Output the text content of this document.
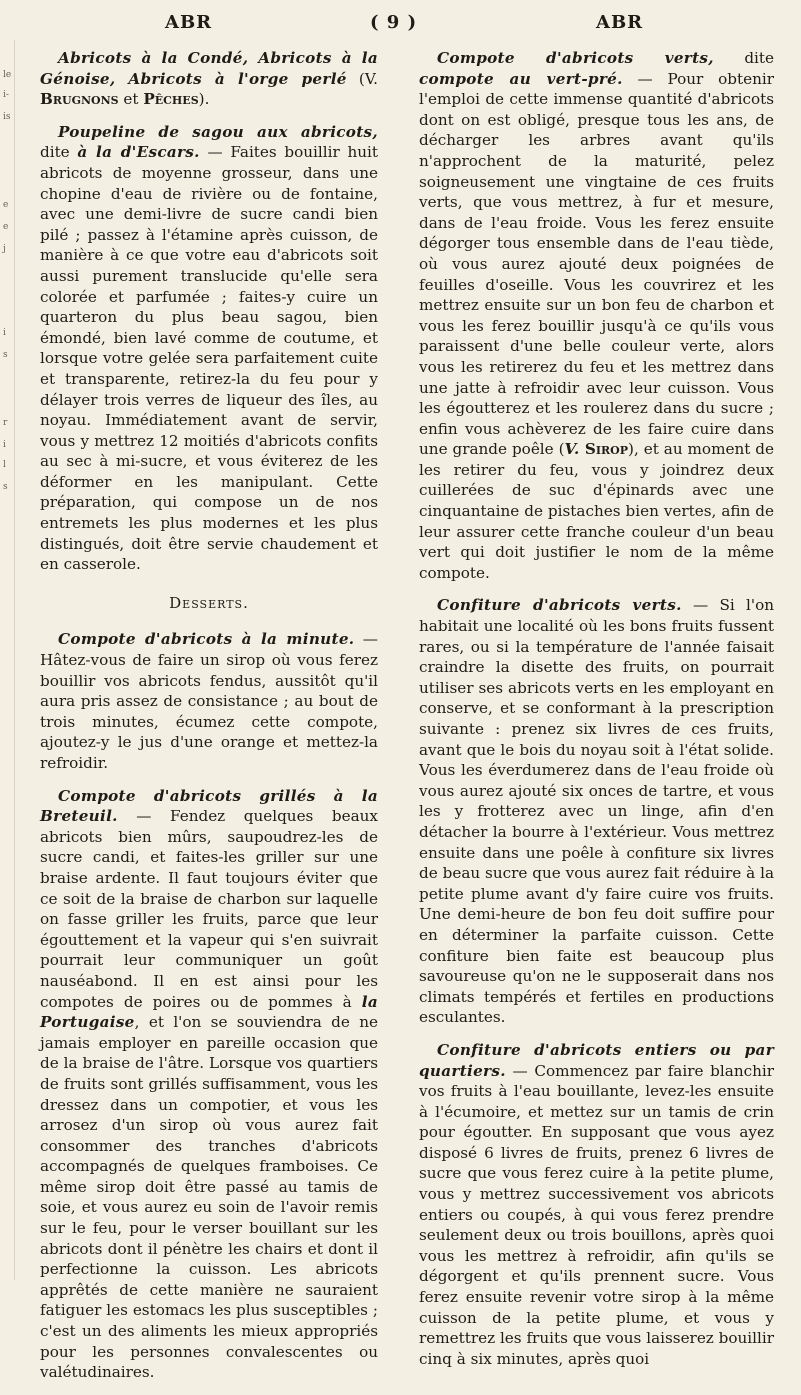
le
i-
is
e
e
j
i
s
r
i
l
s
ABR	( 9 )	ABR

Abricots à la Condé, Abricots à la Génoise, Abricots à l'orge perlé (V. Brugnons et Pêches).

Poupeline de sagou aux abricots, dite à la d'Escars. — Faites bouillir huit abricots de moyenne grosseur, dans une chopine d'eau de rivière ou de fontaine, avec une demi-livre de sucre candi bien pilé ; passez à l'étamine après cuisson, de manière à ce que votre eau d'abricots soit aussi purement translucide qu'elle sera colorée et parfumée ; faites-y cuire un quarteron du plus beau sagou, bien émondé, bien lavé comme de coutume, et lorsque votre gelée sera parfaitement cuite et transparente, retirez-la du feu pour y délayer trois verres de liqueur des îles, au noyau. Immédiatement avant de servir, vous y mettrez 12 moitiés d'abricots confits au sec à mi-sucre, et vous éviterez de les déformer en les manipulant. Cette préparation, qui compose un de nos entremets les plus modernes et les plus distingués, doit être servie chaudement et en casserole.

Desserts.

Compote d'abricots à la minute. — Hâtez-vous de faire un sirop où vous ferez bouillir vos abricots fendus, aussitôt qu'il aura pris assez de consistance ; au bout de trois minutes, écumez cette compote, ajoutez-y le jus d'une orange et mettez-la refroidir.

Compote d'abricots grillés à la Breteuil. — Fendez quelques beaux abricots bien mûrs, saupoudrez-les de sucre candi, et faites-les griller sur une braise ardente. Il faut toujours éviter que ce soit de la braise de charbon sur laquelle on fasse griller les fruits, parce que leur égouttement et la vapeur qui s'en suivrait pourrait leur communiquer un goût nauséabond. Il en est ainsi pour les compotes de poires ou de pommes à la Portugaise, et l'on se souviendra de ne jamais employer en pareille occasion que de la braise de l'âtre. Lorsque vos quartiers de fruits sont grillés suffisamment, vous les dressez dans un compotier, et vous les arrosez d'un sirop où vous aurez fait consommer des tranches d'abricots accompagnés de quelques framboises. Ce même sirop doit être passé au tamis de soie, et vous aurez eu soin de l'avoir remis sur le feu, pour le verser bouillant sur les abricots dont il pénètre les chairs et dont il perfectionne la cuisson. Les abricots apprêtés de cette manière ne sauraient fatiguer les estomacs les plus susceptibles ; c'est un des aliments les mieux appropriés pour les personnes convalescentes ou valétudinaires.

Compote d'abricots verts, dite compote au vert-pré. — Pour obtenir l'emploi de cette immense quantité d'abricots dont on est obligé, presque tous les ans, de décharger les arbres avant qu'ils n'approchent de la maturité, pelez soigneusement une vingtaine de ces fruits verts, que vous mettrez, à fur et mesure, dans de l'eau froide. Vous les ferez ensuite dégorger tous ensemble dans de l'eau tiède, où vous aurez ajouté deux poignées de feuilles d'oseille. Vous les couvrirez et les mettrez ensuite sur un bon feu de charbon et vous les ferez bouillir jusqu'à ce qu'ils vous paraissent d'une belle couleur verte, alors vous les retirerez du feu et les mettrez dans une jatte à refroidir avec leur cuisson. Vous les égoutterez et les roulerez dans du sucre ; enfin vous achèverez de les faire cuire dans une grande poêle (V. Sirop), et au moment de les retirer du feu, vous y joindrez deux cuillerées de suc d'épinards avec une cinquantaine de pistaches bien vertes, afin de leur assurer cette franche couleur d'un beau vert qui doit justifier le nom de la même compote.

Confiture d'abricots verts. — Si l'on habitait une localité où les bons fruits fussent rares, ou si la température de l'année faisait craindre la disette des fruits, on pourrait utiliser ses abricots verts en les employant en conserve, et se conformant à la prescription suivante : prenez six livres de ces fruits, avant que le bois du noyau soit à l'état solide. Vous les éverdumerez dans de l'eau froide où vous aurez ajouté six onces de tartre, et vous les y frotterez avec un linge, afin d'en détacher la bourre à l'extérieur. Vous mettrez ensuite dans une poêle à confiture six livres de beau sucre que vous aurez fait réduire à la petite plume avant d'y faire cuire vos fruits. Une demi-heure de bon feu doit suffire pour en déterminer la parfaite cuisson. Cette confiture bien faite est beaucoup plus savoureuse qu'on ne le supposerait dans nos climats tempérés et fertiles en productions esculantes.

Confiture d'abricots entiers ou par quartiers. — Commencez par faire blanchir vos fruits à l'eau bouillante, levez-les ensuite à l'écumoire, et mettez sur un tamis de crin pour égoutter. En supposant que vous ayez disposé 6 livres de fruits, prenez 6 livres de sucre que vous ferez cuire à la petite plume, vous y mettrez successivement vos abricots entiers ou coupés, à qui vous ferez prendre seulement deux ou trois bouillons, après quoi vous les mettrez à refroidir, afin qu'ils se dégorgent et qu'ils prennent sucre. Vous ferez ensuite revenir votre sirop à la même cuisson de la petite plume, et vous y remettrez les fruits que vous laisserez bouillir cinq à six minutes, après quoi
